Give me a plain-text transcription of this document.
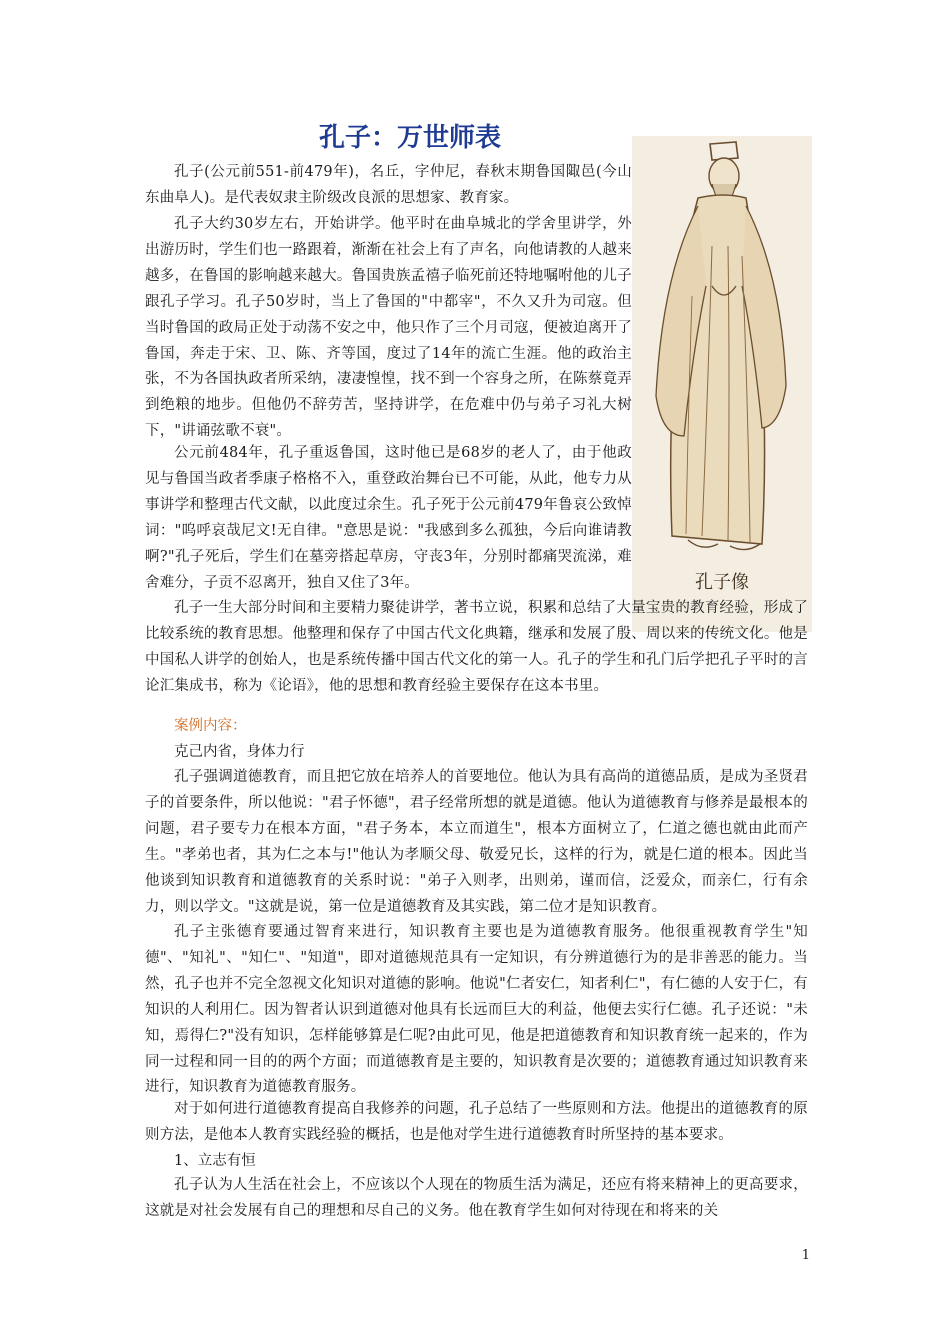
孔子：万世师表
孔子像

孔子(公元前551-前479年)，名丘，字仲尼，春秋末期鲁国陬邑(今山东曲阜人)。是代表奴隶主阶级改良派的思想家、教育家。

孔子大约30岁左右，开始讲学。他平时在曲阜城北的学舍里讲学，外出游历时，学生们也一路跟着，渐渐在社会上有了声名，向他请教的人越来越多，在鲁国的影响越来越大。鲁国贵族孟禧子临死前还特地嘱咐他的儿子跟孔子学习。孔子50岁时，当上了鲁国的"中都宰"，不久又升为司寇。但当时鲁国的政局正处于动荡不安之中，他只作了三个月司寇，便被迫离开了鲁国，奔走于宋、卫、陈、齐等国，度过了14年的流亡生涯。他的政治主张，不为各国执政者所采纳，凄凄惶惶，找不到一个容身之所，在陈蔡竟弄到绝粮的地步。但他仍不辞劳苦，坚持讲学，在危难中仍与弟子习礼大树下，"讲诵弦歌不衰"。

公元前484年，孔子重返鲁国，这时他已是68岁的老人了，由于他政见与鲁国当政者季康子格格不入，重登政治舞台已不可能，从此，他专力从事讲学和整理古代文献，以此度过余生。孔子死于公元前479年鲁哀公致悼词："呜呼哀哉尼文!无自律。"意思是说："我感到多么孤独，今后向谁请教啊?"孔子死后，学生们在墓旁搭起草房，守丧3年，分别时都痛哭流涕，难舍难分，子贡不忍离开，独自又住了3年。

孔子一生大部分时间和主要精力聚徒讲学，著书立说，积累和总结了大量宝贵的教育经验，形成了比较系统的教育思想。他整理和保存了中国古代文化典籍，继承和发展了殷、周以来的传统文化。他是中国私人讲学的创始人，也是系统传播中国古代文化的第一人。孔子的学生和孔门后学把孔子平时的言论汇集成书，称为《论语》，他的思想和教育经验主要保存在这本书里。

案例内容：

克己内省，身体力行

孔子强调道德教育，而且把它放在培养人的首要地位。他认为具有高尚的道德品质，是成为圣贤君子的首要条件，所以他说："君子怀德"，君子经常所想的就是道德。他认为道德教育与修养是最根本的问题，君子要专力在根本方面，"君子务本，本立而道生"，根本方面树立了，仁道之德也就由此而产生。"孝弟也者，其为仁之本与!"他认为孝顺父母、敬爱兄长，这样的行为，就是仁道的根本。因此当他谈到知识教育和道德教育的关系时说："弟子入则孝，出则弟，谨而信，泛爱众，而亲仁，行有余力，则以学文。"这就是说，第一位是道德教育及其实践，第二位才是知识教育。

孔子主张德育要通过智育来进行，知识教育主要也是为道德教育服务。他很重视教育学生"知德"、"知礼"、"知仁"、"知道"，即对道德规范具有一定知识，有分辨道德行为的是非善恶的能力。当然，孔子也并不完全忽视文化知识对道德的影响。他说"仁者安仁，知者利仁"，有仁德的人安于仁，有知识的人利用仁。因为智者认识到道德对他具有长远而巨大的利益，他便去实行仁德。孔子还说："未知，焉得仁?"没有知识，怎样能够算是仁呢?由此可见，他是把道德教育和知识教育统一起来的，作为同一过程和同一目的的两个方面；而道德教育是主要的，知识教育是次要的；道德教育通过知识教育来进行，知识教育为道德教育服务。

对于如何进行道德教育提高自我修养的问题，孔子总结了一些原则和方法。他提出的道德教育的原则方法，是他本人教育实践经验的概括，也是他对学生进行道德教育时所坚持的基本要求。

1、立志有恒

孔子认为人生活在社会上，不应该以个人现在的物质生活为满足，还应有将来精神上的更高要求，这就是对社会发展有自己的理想和尽自己的义务。他在教育学生如何对待现在和将来的关

1
